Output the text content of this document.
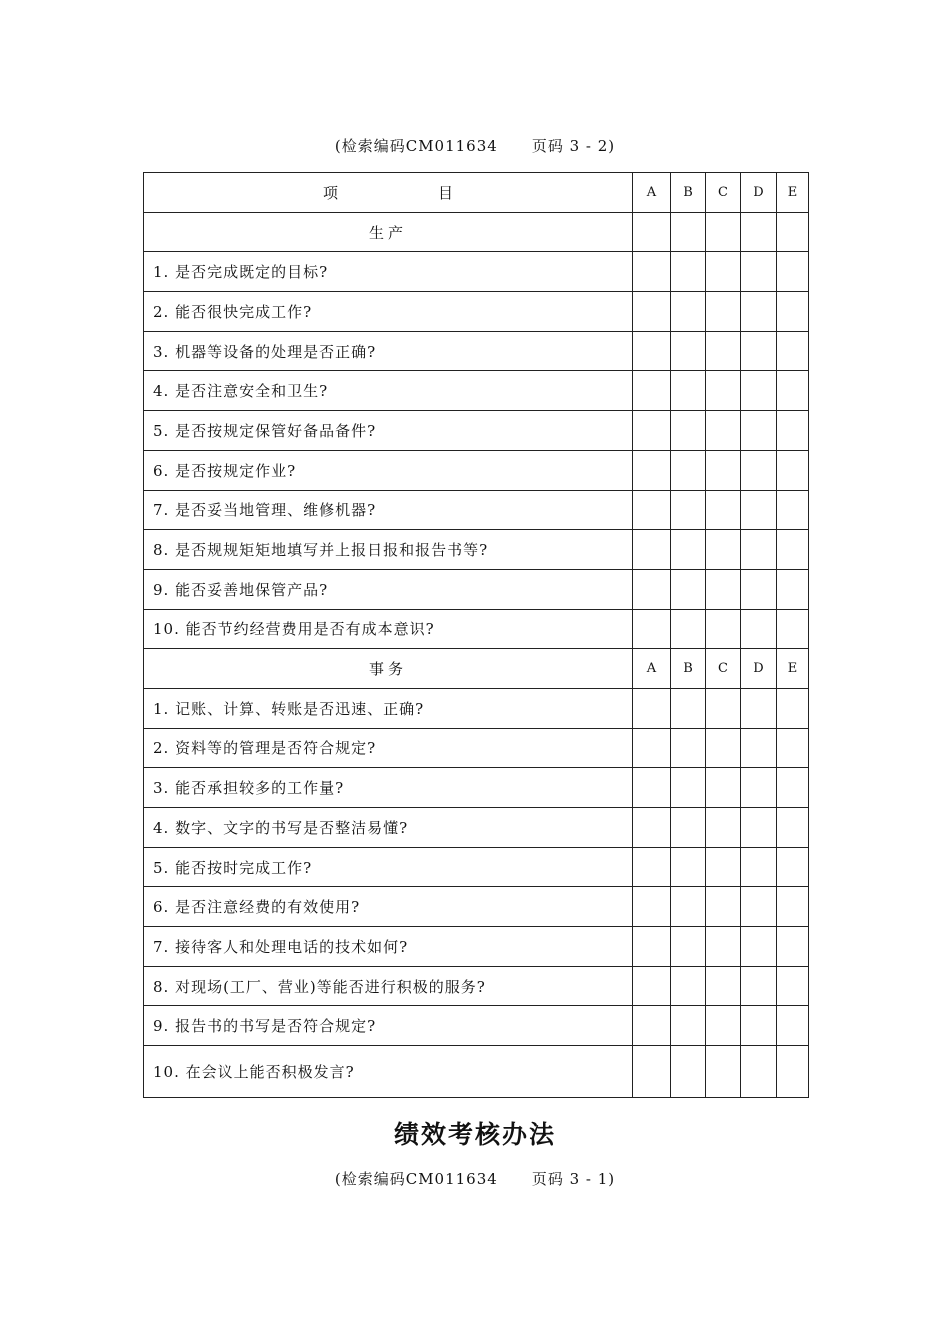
(检索编码CM011634 页码 3 - 2)
项 目	A	B	C	D	E
生产					
1. 是否完成既定的目标?					
2. 能否很快完成工作?					
3. 机器等设备的处理是否正确?					
4. 是否注意安全和卫生?					
5. 是否按规定保管好备品备件?					
6. 是否按规定作业?					
7. 是否妥当地管理、维修机器?					
8. 是否规规矩矩地填写并上报日报和报告书等?					
9. 能否妥善地保管产品?					
10. 能否节约经营费用是否有成本意识?					
事务	A	B	C	D	E
1. 记账、计算、转账是否迅速、正确?					
2. 资料等的管理是否符合规定?					
3. 能否承担较多的工作量?					
4. 数字、文字的书写是否整洁易懂?					
5. 能否按时完成工作?					
6. 是否注意经费的有效使用?					
7. 接待客人和处理电话的技术如何?					
8. 对现场(工厂、营业)等能否进行积极的服务?					
9. 报告书的书写是否符合规定?					
10. 在会议上能否积极发言?					
绩效考核办法
(检索编码CM011634 页码 3 - 1)
